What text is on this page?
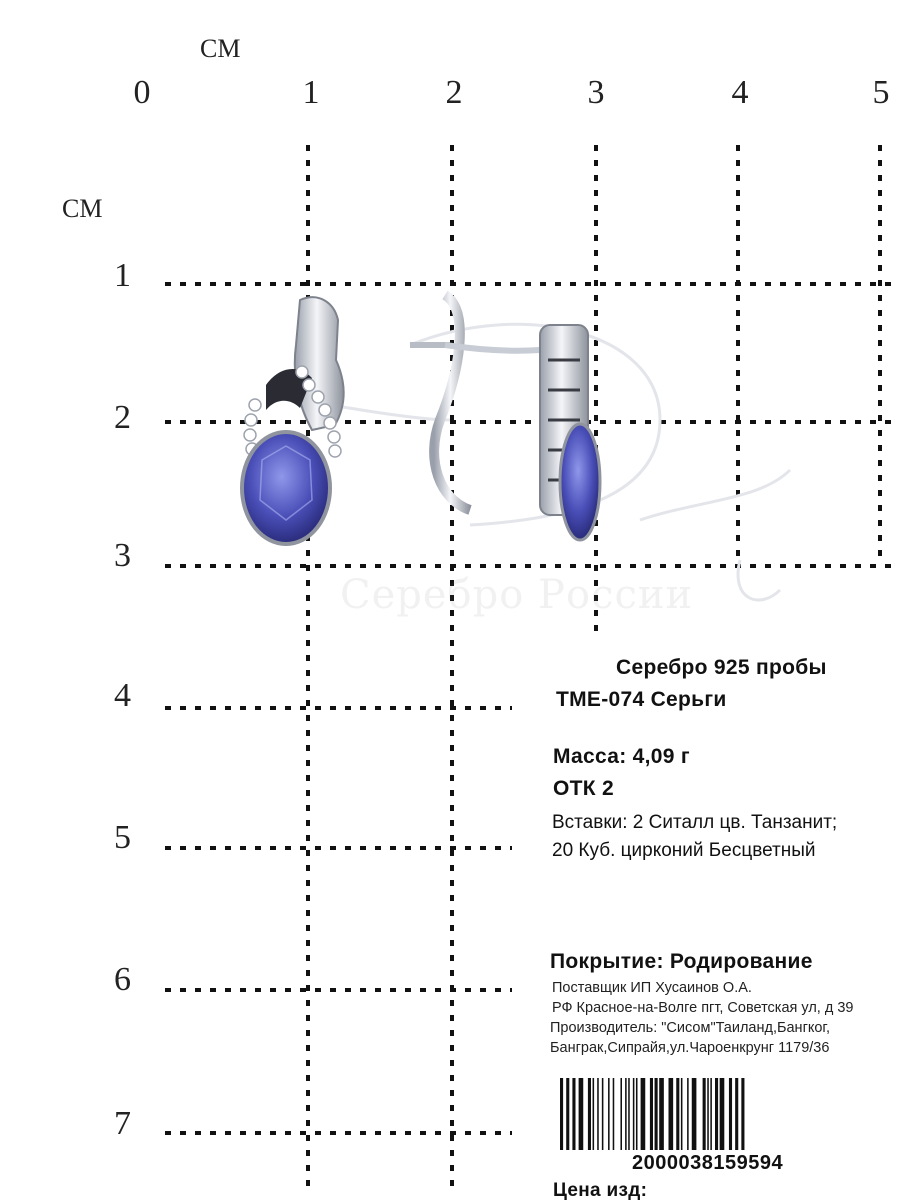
СМ
СМ
0	1	2	3	4	5
1
2
3
4
5
6
7
Серебро России
Серебро 925 пробы
TME-074 Серьги
Масса: 4,09 г
ОТК 2
Вставки: 2 Ситалл цв. Танзанит;
20 Куб. цирконий Бесцветный
Покрытие: Родирование
Поставщик ИП Хусаинов О.А.
РФ Красное-на-Волге пгт, Советская ул, д 39
Производитель: "Сисом"Таиланд,Бангког,
Банграк,Сипрайя,ул.Чароенкрунг 1179/36
2000038159594
Цена изд:
